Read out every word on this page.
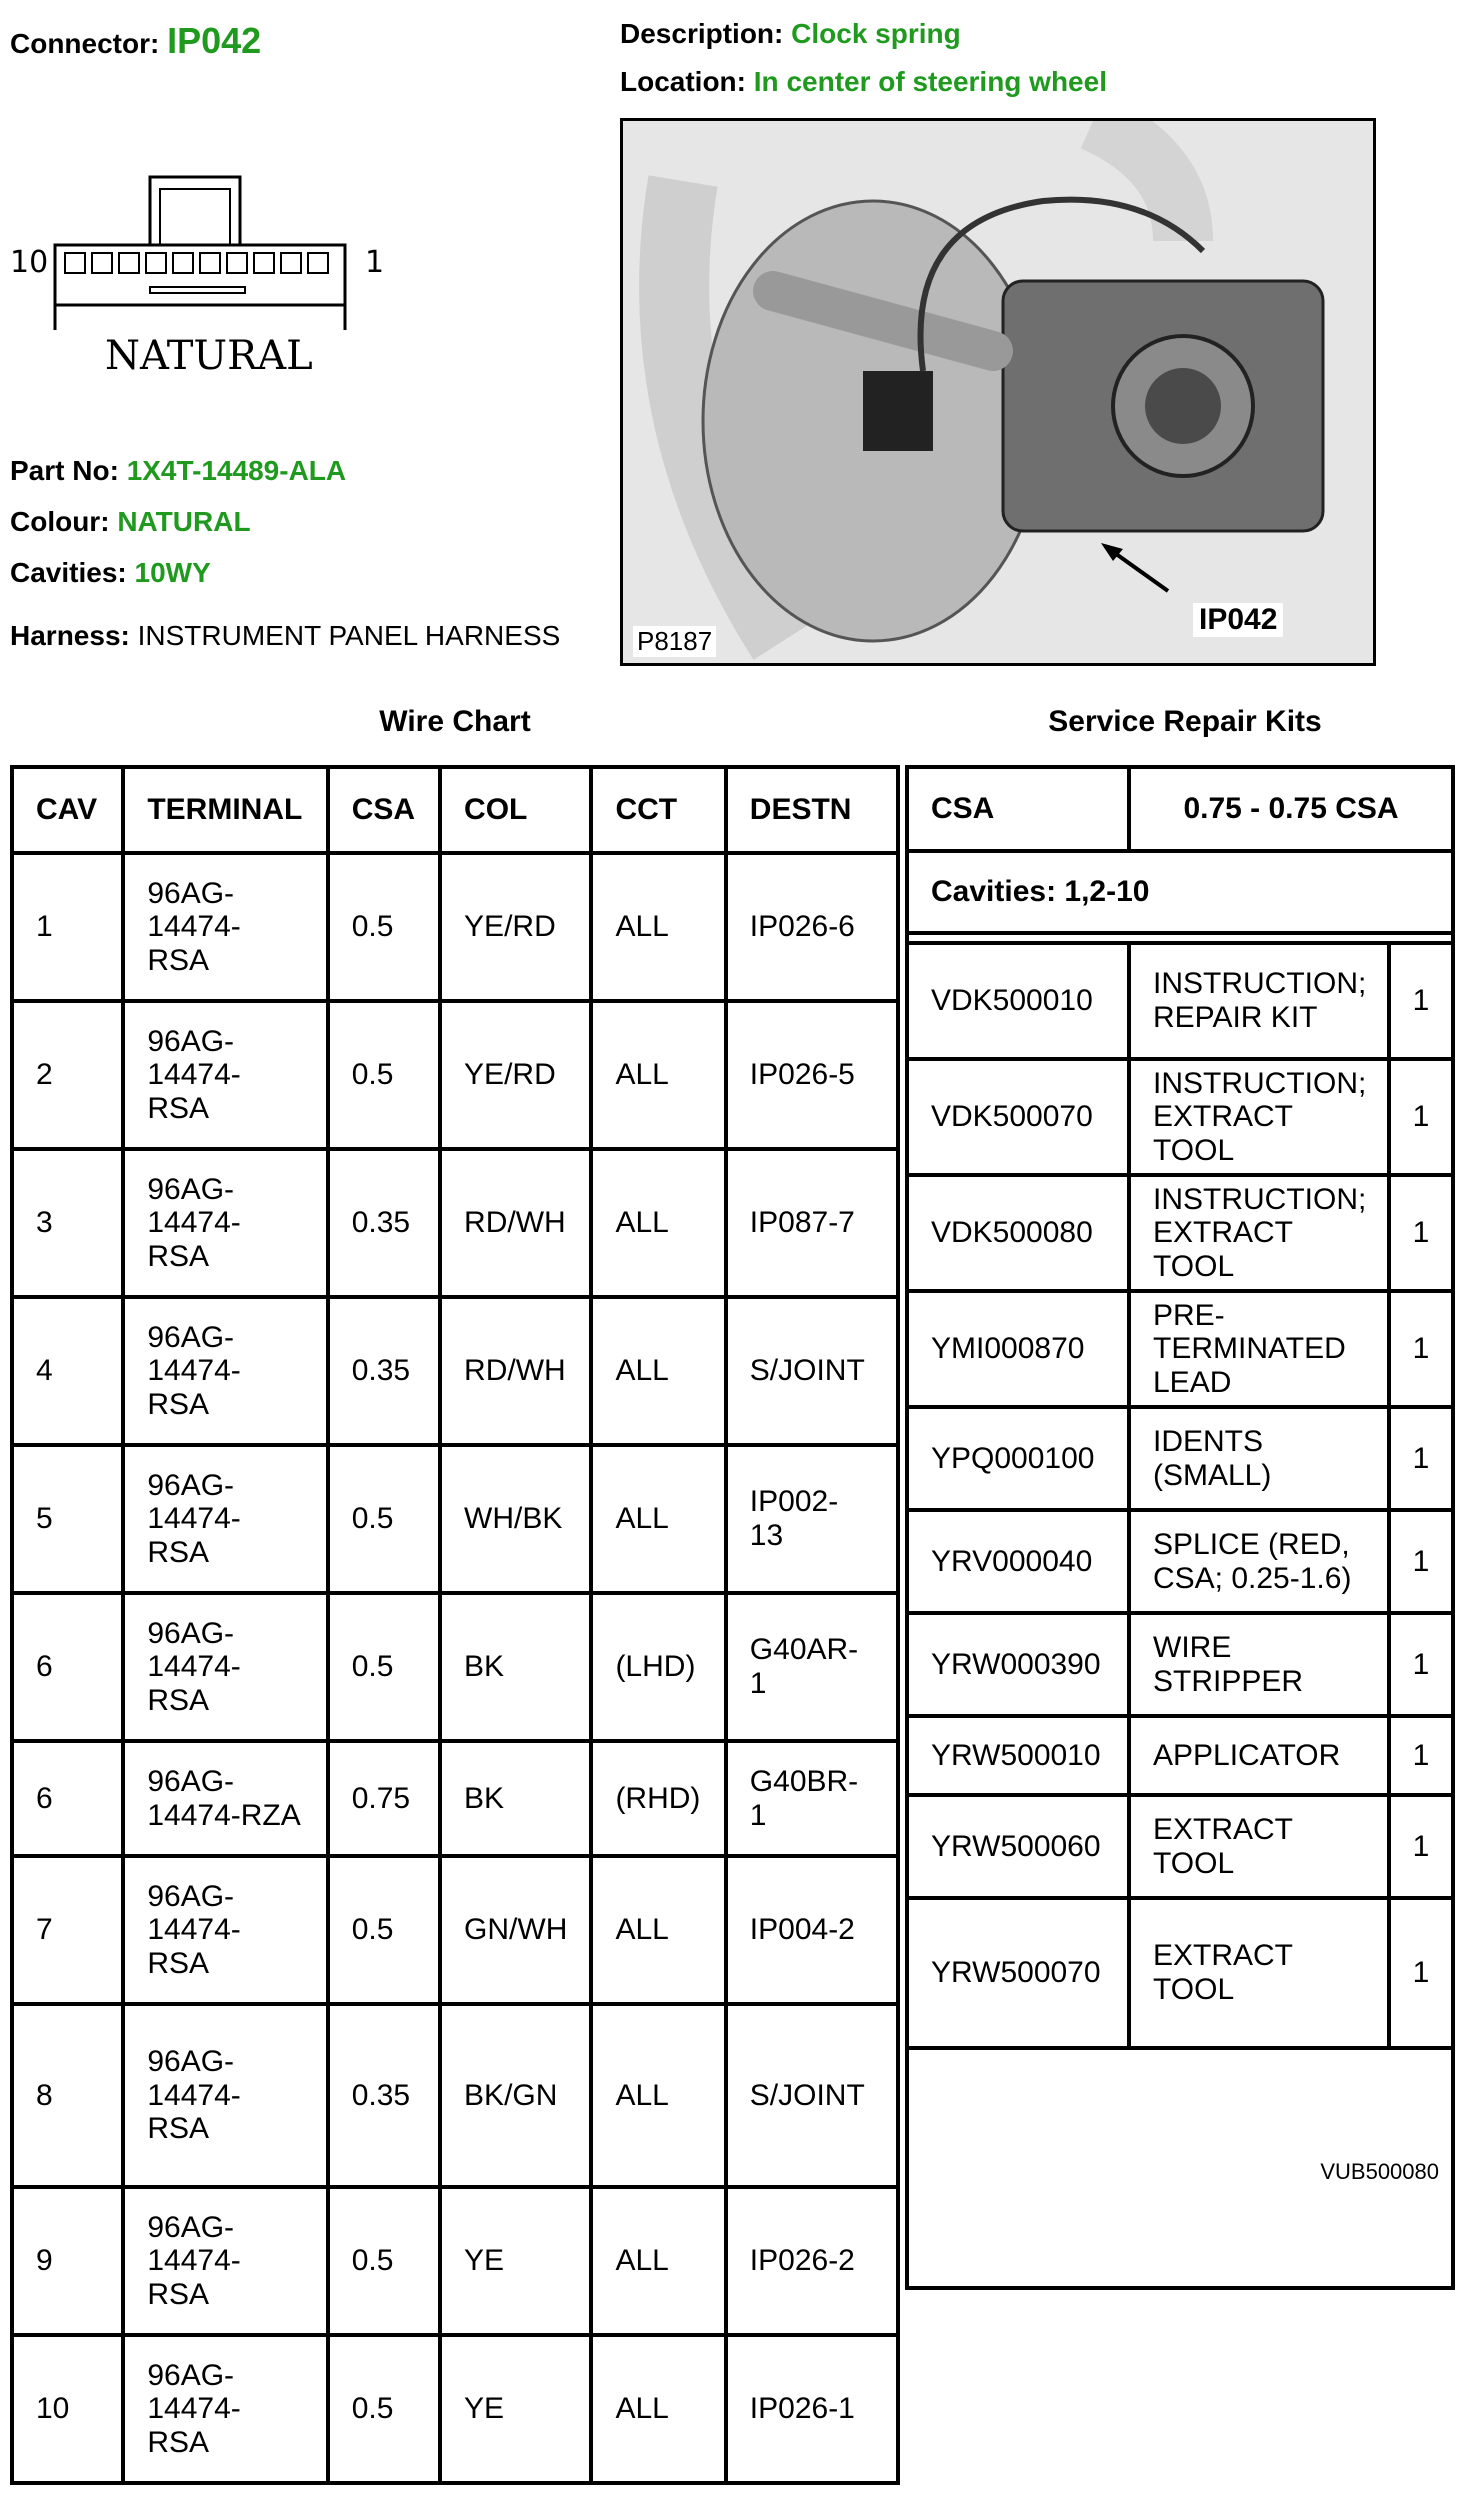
Connector: IP042	Description: Clock spring
Location: In center of steering wheel
10	1
NATURAL
Part No: 1X4T-14489-ALA
Colour: NATURAL
Cavities: 10WY
Harness: INSTRUMENT PANEL HARNESS	IP042
P8187
Wire Chart	Service Repair Kits
CAV	TERMINAL	CSA	COL	CCT	DESTN
1	96AG-
14474-
RSA	0.5	YE/RD	ALL	IP026-6
2	96AG-
14474-
RSA	0.5	YE/RD	ALL	IP026-5
3	96AG-
14474-
RSA	0.35	RD/WH	ALL	IP087-7
4	96AG-
14474-
RSA	0.35	RD/WH	ALL	S/JOINT
5	96AG-
14474-
RSA	0.5	WH/BK	ALL	IP002-
13
6	96AG-
14474-
RSA	0.5	BK	(LHD)	G40AR-
1
6	96AG-
14474-RZA	0.75	BK	(RHD)	G40BR-
1
7	96AG-
14474-
RSA	0.5	GN/WH	ALL	IP004-2
8	96AG-
14474-
RSA	0.35	BK/GN	ALL	S/JOINT
9	96AG-
14474-
RSA	0.5	YE	ALL	IP026-2
10	96AG-
14474-
RSA	0.5	YE	ALL	IP026-1
CSA	0.75 - 0.75 CSA
Cavities: 1,2-10
VDK500010	INSTRUCTION;
REPAIR KIT	1
VDK500070	INSTRUCTION;
EXTRACT
TOOL	1
VDK500080	INSTRUCTION;
EXTRACT
TOOL	1
YMI000870	PRE-
TERMINATED
LEAD	1
YPQ000100	IDENTS
(SMALL)	1
YRV000040	SPLICE (RED,
CSA; 0.25-1.6)	1
YRW000390	WIRE
STRIPPER	1
YRW500010	APPLICATOR	1
YRW500060	EXTRACT
TOOL	1
YRW500070	EXTRACT
TOOL	1
VUB500080
